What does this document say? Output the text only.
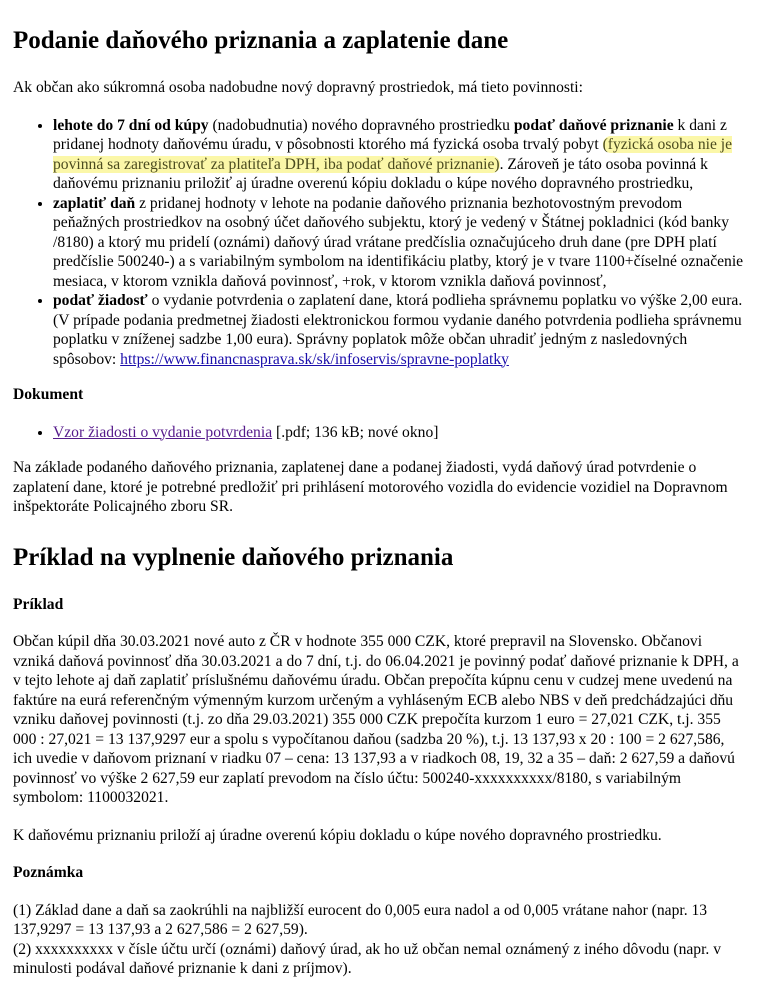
Podanie daňového priznania a zaplatenie dane

Ak občan ako súkromná osoba nadobudne nový dopravný prostriedok, má tieto povinnosti:

• lehote do 7 dní od kúpy (nadobudnutia) nového dopravného prostriedku podať daňové priznanie k dani z pridanej hodnoty daňovému úradu, v pôsobnosti ktorého má fyzická osoba trvalý pobyt (fyzická osoba nie je povinná sa zaregistrovať za platiteľa DPH, iba podať daňové priznanie). Zároveň je táto osoba povinná k daňovému priznaniu priložiť aj úradne overenú kópiu dokladu o kúpe nového dopravného prostriedku,
• zaplatiť daň z pridanej hodnoty v lehote na podanie daňového priznania bezhotovostným prevodom peňažných prostriedkov na osobný účet daňového subjektu, ktorý je vedený v Štátnej pokladnici (kód banky /8180) a ktorý mu pridelí (oznámi) daňový úrad vrátane predčíslia označujúceho druh dane (pre DPH platí predčíslie 500240-) a s variabilným symbolom na identifikáciu platby, ktorý je v tvare 1100+číselné označenie mesiaca, v ktorom vznikla daňová povinnosť, +rok, v ktorom vznikla daňová povinnosť,
• podať žiadosť o vydanie potvrdenia o zaplatení dane, ktorá podlieha správnemu poplatku vo výške 2,00 eura. (V prípade podania predmetnej žiadosti elektronickou formou vydanie daného potvrdenia podlieha správnemu poplatku v zníženej sadzbe 1,00 eura). Správny poplatok môže občan uhradiť jedným z nasledovných spôsobov: https://www.financnasprava.sk/sk/infoservis/spravne-poplatky
Dokument
• Vzor žiadosti o vydanie potvrdenia [.pdf; 136 kB; nové okno]

Na základe podaného daňového priznania, zaplatenej dane a podanej žiadosti, vydá daňový úrad potvrdenie o zaplatení dane, ktoré je potrebné predložiť pri prihlásení motorového vozidla do evidencie vozidiel na Dopravnom inšpektoráte Policajného zboru SR.

Príklad na vyplnenie daňového priznania
Príklad

Občan kúpil dňa 30.03.2021 nové auto z ČR v hodnote 355 000 CZK, ktoré prepravil na Slovensko. Občanovi vzniká daňová povinnosť dňa 30.03.2021 a do 7 dní, t.j. do 06.04.2021 je povinný podať daňové priznanie k DPH, a v tejto lehote aj daň zaplatiť príslušnému daňovému úradu. Občan prepočíta kúpnu cenu v cudzej mene uvedenú na faktúre na eurá referenčným výmenným kurzom určeným a vyhláseným ECB alebo NBS v deň predchádzajúci dňu vzniku daňovej povinnosti (t.j. zo dňa 29.03.2021) 355 000 CZK prepočíta kurzom 1 euro = 27,021 CZK, t.j. 355 000 : 27,021 = 13 137,9297 eur a spolu s vypočítanou daňou (sadzba 20 %), t.j. 13 137,93 x 20 : 100 = 2 627,586, ich uvedie v daňovom priznaní v riadku 07 – cena: 13 137,93 a v riadkoch 08, 19, 32 a 35 – daň: 2 627,59 a daňovú povinnosť vo výške 2 627,59 eur zaplatí prevodom na číslo účtu: 500240-xxxxxxxxxx/8180, s variabilným symbolom: 1100032021.

K daňovému priznaniu priloží aj úradne overenú kópiu dokladu o kúpe nového dopravného prostriedku.

Poznámka

(1) Základ dane a daň sa zaokrúhli na najbližší eurocent do 0,005 eura nadol a od 0,005 vrátane nahor (napr. 13 137,9297 = 13 137,93 a 2 627,586 = 2 627,59).

(2) xxxxxxxxxx v čísle účtu určí (oznámi) daňový úrad, ak ho už občan nemal oznámený z iného dôvodu (napr. v minulosti podával daňové priznanie k dani z príjmov).
